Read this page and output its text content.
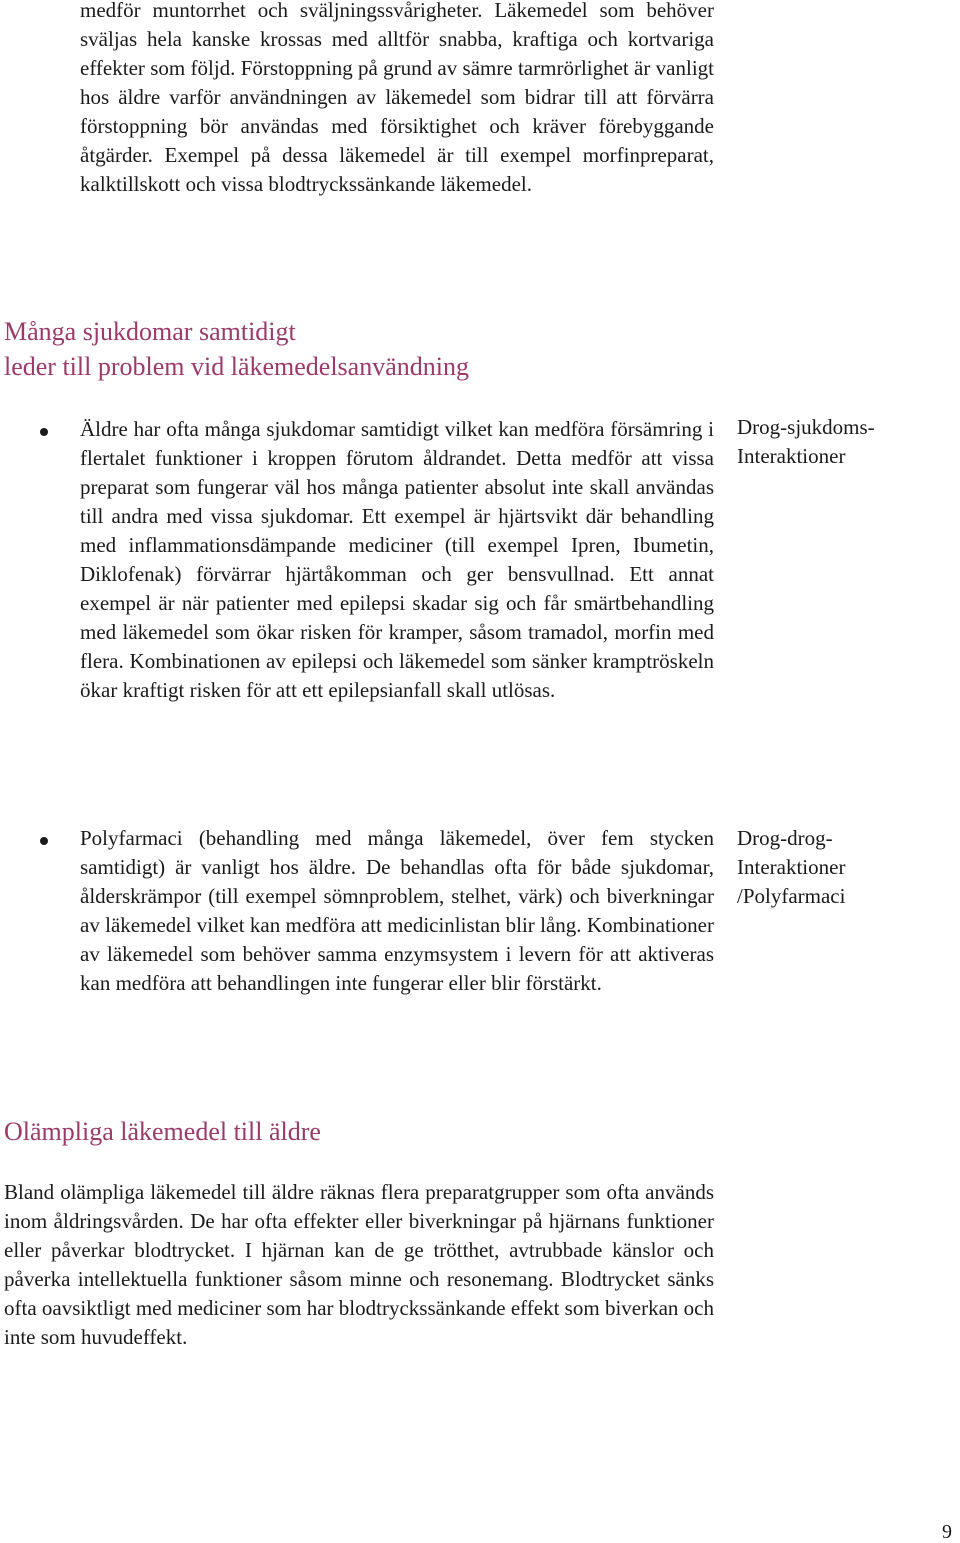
medför muntorrhet och sväljningssvårigheter. Läkemedel som behöver sväljas hela kanske krossas med alltför snabba, kraftiga och kortvariga effekter som följd. Förstoppning på grund av sämre tarmrörlighet är vanligt hos äldre varför användningen av läkemedel som bidrar till att förvärra förstoppning bör användas med försiktighet och kräver förebyggande åtgärder. Exempel på dessa läkemedel är till exempel morfinpreparat, kalktillskott och vissa blodtryckssänkande läkemedel.

Många sjukdomar samtidigt
leder till problem vid läkemedelsanvändning

Äldre har ofta många sjukdomar samtidigt vilket kan medföra försämring i flertalet funktioner i kroppen förutom åldrandet. Detta medför att vissa preparat som fungerar väl hos många patienter absolut inte skall användas till andra med vissa sjukdomar. Ett exempel är hjärtsvikt där behandling med inflammationsdämpande mediciner (till exempel Ipren, Ibumetin, Diklofenak) förvärrar hjärtåkomman och ger bensvullnad. Ett annat exempel är när patienter med epilepsi skadar sig och får smärtbehandling med läkemedel som ökar risken för kramper, såsom tramadol, morfin med flera. Kombinationen av epilepsi och läkemedel som sänker kramptröskeln ökar kraftigt risken för att ett epilepsianfall skall utlösas.

Drog-sjukdoms-
Interaktioner

Polyfarmaci (behandling med många läkemedel, över fem stycken samtidigt) är vanligt hos äldre. De behandlas ofta för både sjukdomar, ålderskrämpor (till exempel sömnproblem, stelhet, värk) och biverkningar av läkemedel vilket kan medföra att medicinlistan blir lång. Kombinationer av läkemedel som behöver samma enzymsystem i levern för att aktiveras kan medföra att behandlingen inte fungerar eller blir förstärkt.

Drog-drog-
Interaktioner
/Polyfarmaci
Olämpliga läkemedel till äldre

Bland olämpliga läkemedel till äldre räknas flera preparatgrupper som ofta används inom åldringsvården. De har ofta effekter eller biverkningar på hjärnans funktioner eller påverkar blodtrycket. I hjärnan kan de ge trötthet, avtrubbade känslor och påverka intellektuella funktioner såsom minne och resonemang. Blodtrycket sänks ofta oavsiktligt med mediciner som har blodtryckssänkande effekt som biverkan och inte som huvudeffekt.

9
